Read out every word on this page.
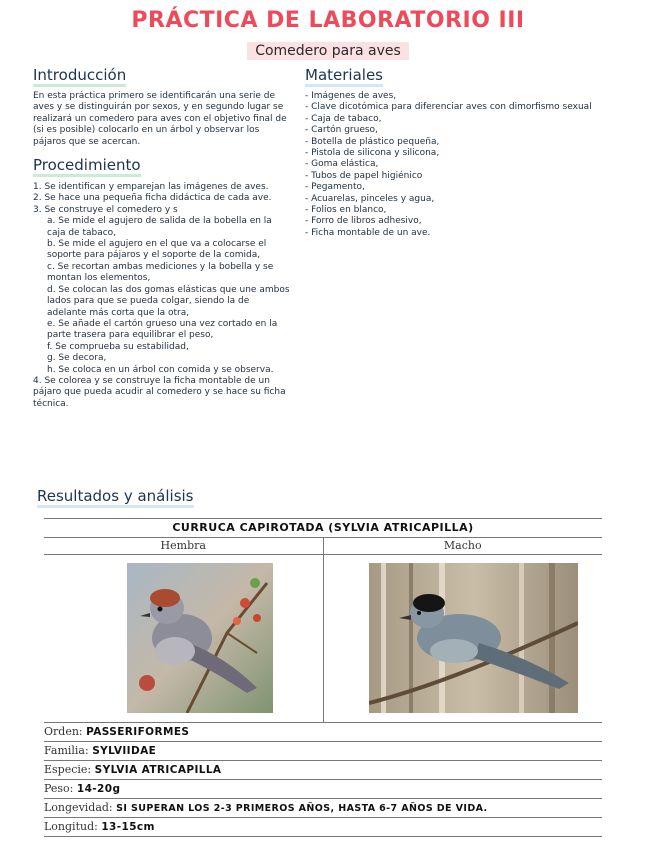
PRÁCTICA DE LABORATORIO III
Comedero para aves
Introducción
En esta práctica primero se identificarán una serie de aves y se distinguirán por sexos, y en segundo lugar se realizará un comedero para aves con el objetivo final de (si es posible) colocarlo en un árbol y observar los pájaros que se acercan.
Procedimiento

1. Se identifican y emparejan las imágenes de aves.

2. Se hace una pequeña ficha didáctica de cada ave.

3. Se construye el comedero y s

a. Se mide el agujero de salida de la bobella en la caja de tabaco,

b. Se mide el agujero en el que va a colocarse el soporte para pájaros y el soporte de la comida,

c. Se recortan ambas mediciones y la bobella y se montan los elementos,

d. Se colocan las dos gomas elásticas que une ambos lados para que se pueda colgar, siendo la de adelante más corta que la otra,

e. Se añade el cartón grueso una vez cortado en la parte trasera para equilibrar el peso,

f. Se comprueba su estabilidad,

g. Se decora,

h. Se coloca en un árbol con comida y se observa.

4. Se colorea y se construye la ficha montable de un pájaro que pueda acudir al comedero y se hace su ficha técnica.

Materiales
- Imágenes de aves,
- Clave dicotómica para diferenciar aves con dimorfismo sexual
- Caja de tabaco,
- Cartón grueso,
- Botella de plástico pequeña,
- Pistola de silicona y silicona,
- Goma elástica,
- Tubos de papel higiénico
- Pegamento,
- Acuarelas, pinceles y agua,
- Folios en blanco,
- Forro de libros adhesivo,
- Ficha montable de un ave.
Resultados y análisis
CURRUCA CAPIROTADA (SYLVIA ATRICAPILLA)
Hembra	Macho
Orden: PASSERIFORMES
Familia: SYLVIIDAE
Especie: SYLVIA ATRICAPILLA
Peso: 14-20g
Longevidad: SI SUPERAN LOS 2-3 PRIMEROS AÑOS, HASTA 6-7 AÑOS DE VIDA.
Longitud: 13-15cm
